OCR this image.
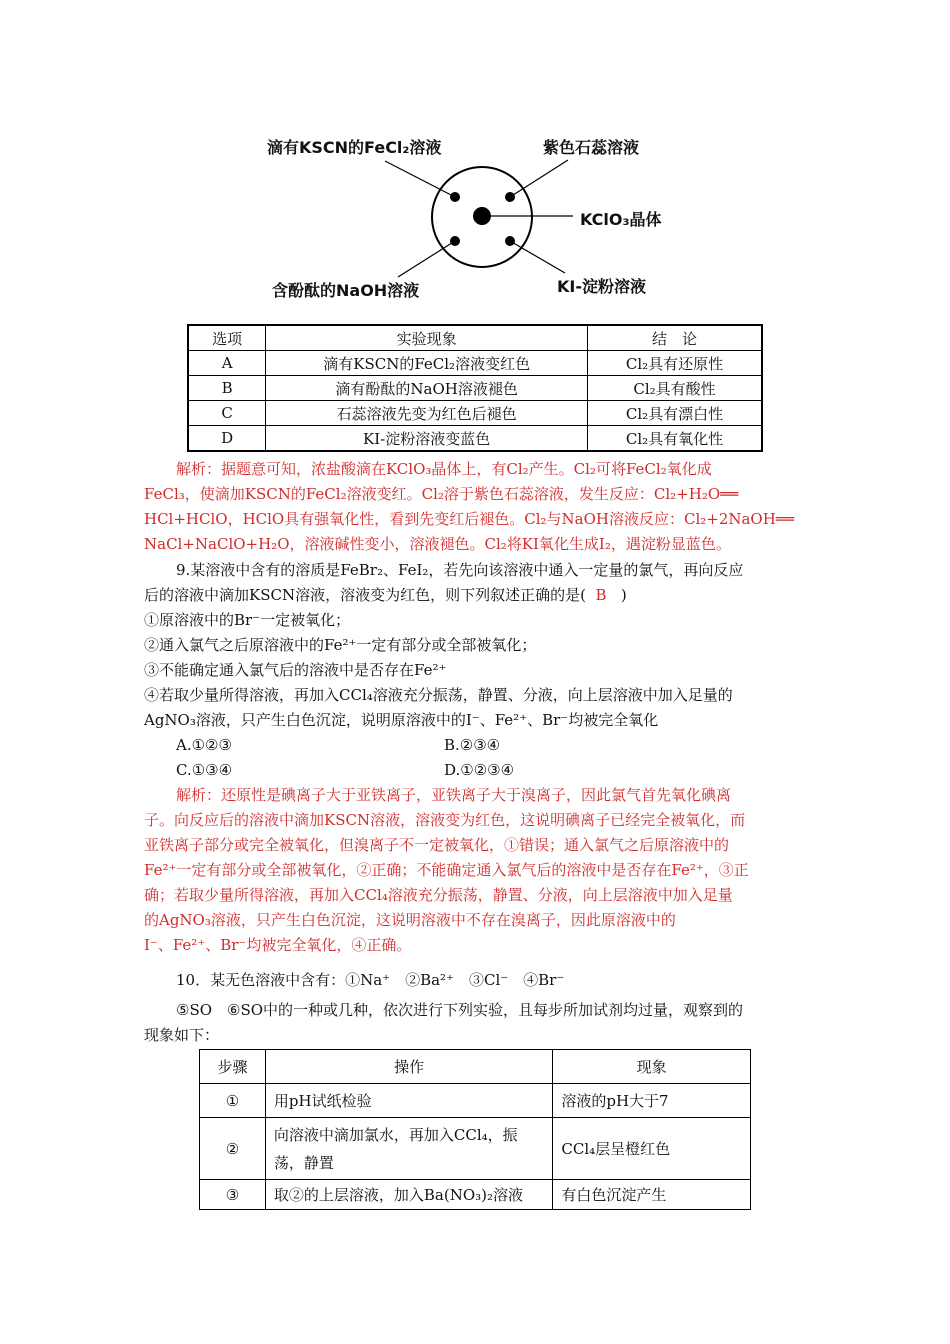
滴有KSCN的FeCl₂溶液	紫色石蕊溶液
KClO₃晶体
含酚酞的NaOH溶液	KI-淀粉溶液
选项	实验现象	结　论
A	滴有KSCN的FeCl₂溶液变红色	Cl₂具有还原性
B	滴有酚酞的NaOH溶液褪色	Cl₂具有酸性
C	石蕊溶液先变为红色后褪色	Cl₂具有漂白性
D	KI-淀粉溶液变蓝色	Cl₂具有氧化性
解析：据题意可知，浓盐酸滴在KClO₃晶体上，有Cl₂产生。Cl₂可将FeCl₂氧化成
FeCl₃，使滴加KSCN的FeCl₂溶液变红。Cl₂溶于紫色石蕊溶液，发生反应：Cl₂+H₂O══
HCl+HClO，HClO具有强氧化性，看到先变红后褪色。Cl₂与NaOH溶液反应：Cl₂+2NaOH══
NaCl+NaClO+H₂O，溶液碱性变小，溶液褪色。Cl₂将KI氧化生成I₂，遇淀粉显蓝色。
9.某溶液中含有的溶质是FeBr₂、FeI₂，若先向该溶液中通入一定量的氯气，再向反应
后的溶液中滴加KSCN溶液，溶液变为红色，则下列叙述正确的是( B )
①原溶液中的Br⁻一定被氧化；
②通入氯气之后原溶液中的Fe²⁺一定有部分或全部被氧化；
③不能确定通入氯气后的溶液中是否存在Fe²⁺
④若取少量所得溶液，再加入CCl₄溶液充分振荡，静置、分液，向上层溶液中加入足量的
AgNO₃溶液，只产生白色沉淀，说明原溶液中的I⁻、Fe²⁺、Br⁻均被完全氧化
A.①②③	B.②③④
C.①③④	D.①②③④
解析：还原性是碘离子大于亚铁离子，亚铁离子大于溴离子，因此氯气首先氧化碘离
子。向反应后的溶液中滴加KSCN溶液，溶液变为红色，这说明碘离子已经完全被氧化，而
亚铁离子部分或完全被氧化，但溴离子不一定被氧化，①错误；通入氯气之后原溶液中的
Fe²⁺一定有部分或全部被氧化，②正确；不能确定通入氯气后的溶液中是否存在Fe²⁺，③正
确；若取少量所得溶液，再加入CCl₄溶液充分振荡，静置、分液，向上层溶液中加入足量
的AgNO₃溶液，只产生白色沉淀，这说明溶液中不存在溴离子，因此原溶液中的
I⁻、Fe²⁺、Br⁻均被完全氧化，④正确。
10．某无色溶液中含有：①Na⁺　②Ba²⁺　③Cl⁻　④Br⁻
⑤SO　⑥SO中的一种或几种，依次进行下列实验，且每步所加试剂均过量，观察到的
现象如下：
步骤	操作	现象
①	用pH试纸检验	溶液的pH大于7
②	向溶液中滴加氯水，再加入CCl₄，振荡，静置	CCl₄层呈橙红色
③	取②的上层溶液，加入Ba(NO₃)₂溶液	有白色沉淀产生
